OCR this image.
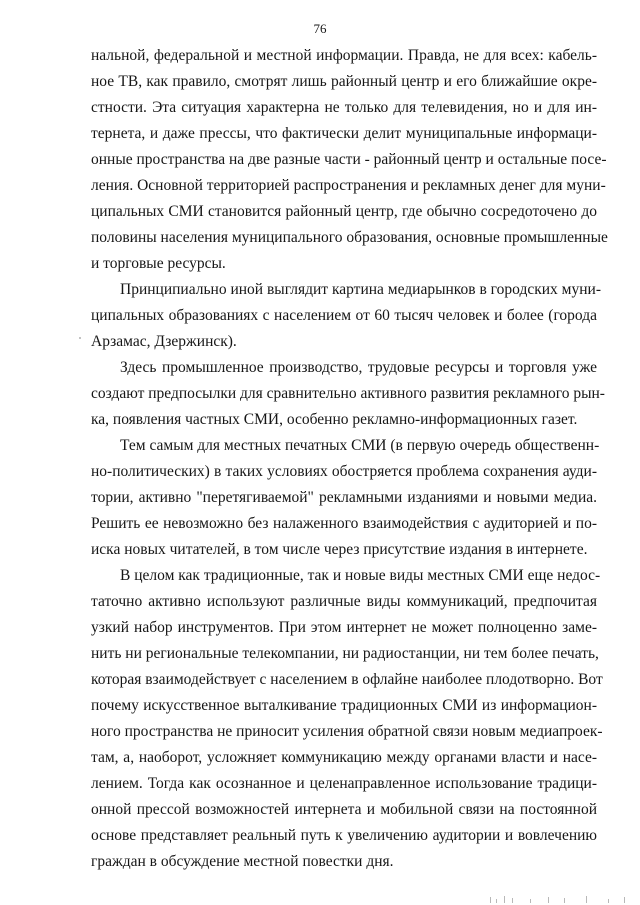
76

нальной, федеральной и местной информации. Правда, не для всех: кабель-

ное ТВ, как правило, смотрят лишь районный центр и его ближайшие окре-

стности. Эта ситуация характерна не только для телевидения, но и для ин-

тернета, и даже прессы, что фактически делит муниципальные информаци-

онные пространства на две разные части - районный центр и остальные посе-

ления. Основной территорией распространения и рекламных денег для муни-

ципальных СМИ становится районный центр, где обычно сосредоточено до

половины населения муниципального образования, основные промышленные

и торговые ресурсы.

Принципиально иной выглядит картина медиарынков в городских муни-

ципальных образованиях с населением от 60 тысяч человек и более (города

Арзамас, Дзержинск).

Здесь промышленное производство, трудовые ресурсы и торговля уже

создают предпосылки для сравнительно активного развития рекламного рын-

ка, появления частных СМИ, особенно рекламно-информационных газет.

Тем самым для местных печатных СМИ (в первую очередь общественн-

но-политических) в таких условиях обостряется проблема сохранения ауди-

тории, активно "перетягиваемой" рекламными изданиями и новыми медиа.

Решить ее невозможно без налаженного взаимодействия с аудиторией и по-

иска новых читателей, в том числе через присутствие издания в интернете.

В целом как традиционные, так и новые виды местных СМИ еще недос-

таточно активно используют различные виды коммуникаций, предпочитая

узкий набор инструментов. При этом интернет не может полноценно заме-

нить ни региональные телекомпании, ни радиостанции, ни тем более печать,

которая взаимодействует с населением в офлайне наиболее плодотворно. Вот

почему искусственное выталкивание традиционных СМИ из информацион-

ного пространства не приносит усиления обратной связи новым медиапроек-

там, а, наоборот, усложняет коммуникацию между органами власти и насе-

лением. Тогда как осознанное и целенаправленное использование традици-

онной прессой возможностей интернета и мобильной связи на постоянной

основе представляет реальный путь к увеличению аудитории и вовлечению

граждан в обсуждение местной повестки дня.
